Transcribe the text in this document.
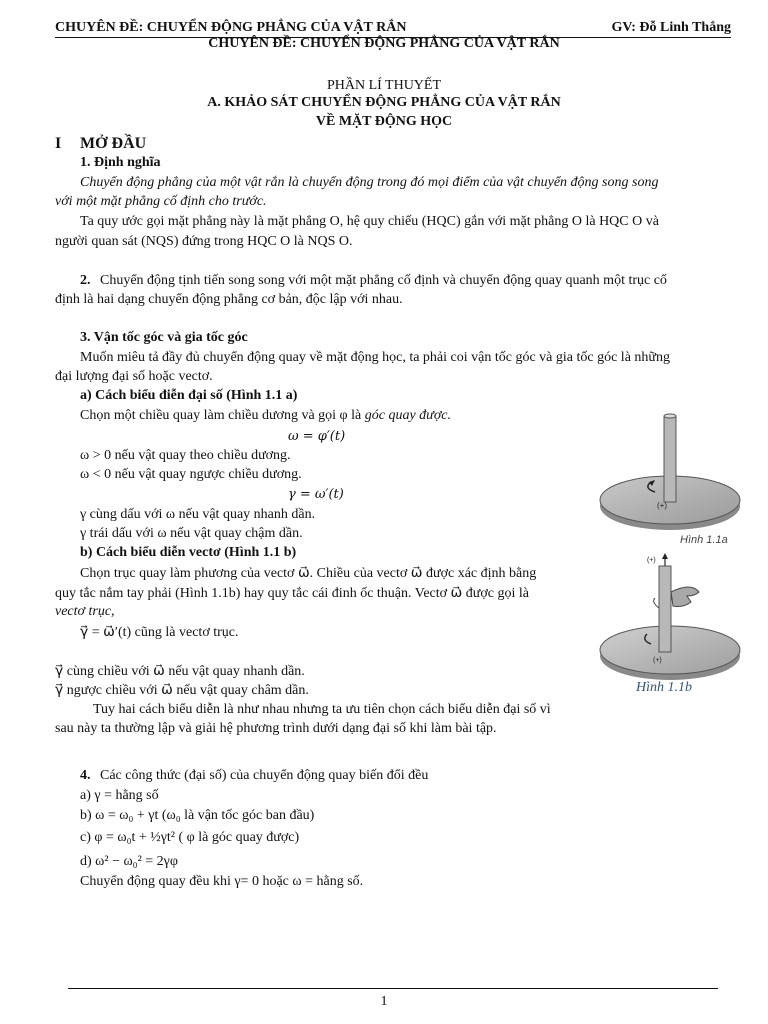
CHUYÊN ĐỀ: CHUYỂN ĐỘNG PHẲNG CỦA VẬT RẮN	GV: Đỗ Linh Thắng
CHUYÊN ĐỀ: CHUYỂN ĐỘNG PHẲNG CỦA VẬT RẮN
PHẦN LÍ THUYẾT
A. KHẢO SÁT CHUYỂN ĐỘNG PHẲNG CỦA VẬT RẮN
VỀ MẶT ĐỘNG HỌC
I MỞ ĐẦU
1. Định nghĩa
Chuyển động phẳng của một vật rắn là chuyển động trong đó mọi điểm của vật chuyển động song song
với một mặt phẳng cố định cho trước.
Ta quy ước gọi mặt phẳng này là mặt phẳng O, hệ quy chiếu (HQC) gắn với mặt phẳng O là HQC O và
người quan sát (NQS) đứng trong HQC O là NQS O.
2. Chuyển động tịnh tiến song song với một mặt phẳng cố định và chuyển động quay quanh một trục cố
định là hai dạng chuyển động phẳng cơ bản, độc lập với nhau.
3. Vận tốc góc và gia tốc góc
Muốn miêu tả đầy đủ chuyển động quay về mặt động học, ta phải coi vận tốc góc và gia tốc góc là những
đại lượng đại số hoặc vectơ.
a) Cách biểu điễn đại số (Hình 1.1 a)
Chọn một chiều quay làm chiều dương và gọi φ là góc quay được.
ω = φ′(t)
ω > 0 nếu vật quay theo chiều dương.
ω < 0 nếu vật quay ngược chiều dương.
γ = ω′(t)
γ cùng dấu với ω nếu vật quay nhanh dần.
γ trái dấu với ω nếu vật quay chậm dần.
b) Cách biểu diễn vectơ (Hình 1.1 b)
Chọn trục quay làm phương của vectơ ω⃗. Chiều của vectơ ω⃗ được xác định bằng
quy tắc nắm tay phải (Hình 1.1b) hay quy tắc cái đinh ốc thuận. Vectơ ω⃗ được gọi là
vectơ trục,
γ⃗ = ω⃗′(t) cũng là vectơ trục.
γ⃗ cùng chiều với ω⃗ nếu vật quay nhanh dần.
γ⃗ ngược chiều với ω⃗ nếu vật quay châm dần.
Tuy hai cách biểu diễn là như nhau nhưng ta ưu tiên chọn cách biểu diễn đại số vì
sau này ta thường lập và giải hệ phương trình dưới dạng đại số khi làm bài tập.
(+)
Hình 1.1a
(+)
(+)
Hình 1.1b
4. Các công thức (đại số) của chuyển động quay biến đổi đều
a) γ = hằng số
b) ω = ω₀ + γt (ω₀ là vận tốc góc ban đầu)
c) φ = ω₀t + ½γt² ( φ là góc quay được)
d) ω² − ω₀² = 2γφ
Chuyển động quay đều khi γ= 0 hoặc ω = hằng số.
1
